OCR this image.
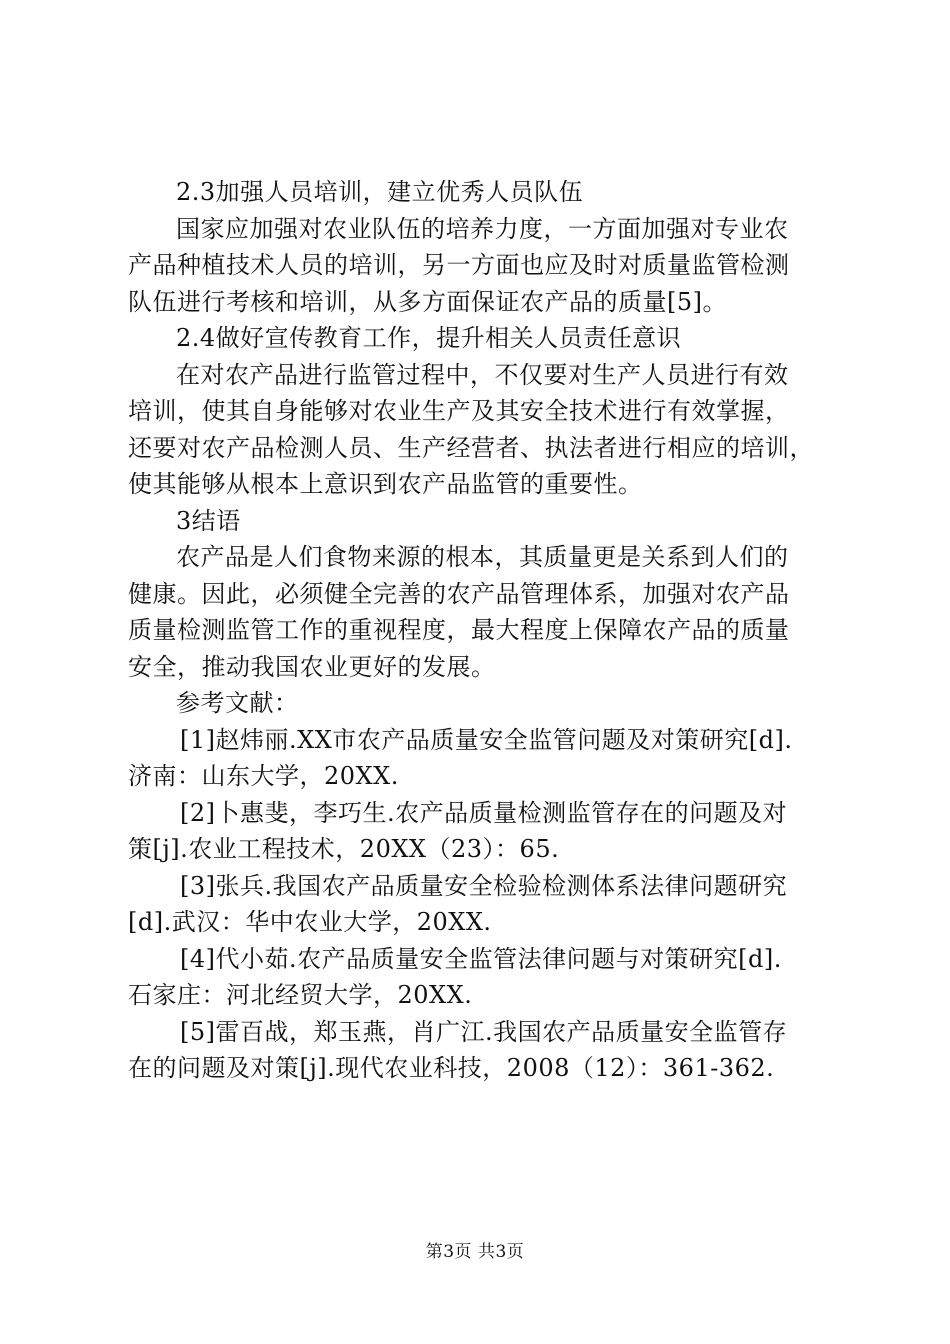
2.3加强人员培训，建立优秀人员队伍
国家应加强对农业队伍的培养力度，一方面加强对专业农
产品种植技术人员的培训，另一方面也应及时对质量监管检测
队伍进行考核和培训，从多方面保证农产品的质量[5]。
2.4做好宣传教育工作，提升相关人员责任意识
在对农产品进行监管过程中，不仅要对生产人员进行有效
培训，使其自身能够对农业生产及其安全技术进行有效掌握，
还要对农产品检测人员、生产经营者、执法者进行相应的培训，
使其能够从根本上意识到农产品监管的重要性。
3结语
农产品是人们食物来源的根本，其质量更是关系到人们的
健康。因此，必须健全完善的农产品管理体系，加强对农产品
质量检测监管工作的重视程度，最大程度上保障农产品的质量
安全，推动我国农业更好的发展。
参考文献：
[1]赵炜丽.XX市农产品质量安全监管问题及对策研究[d].
济南：山东大学，20XX.
[2]卜惠斐，李巧生.农产品质量检测监管存在的问题及对
策[j].农业工程技术，20XX（23）：65.
[3]张兵.我国农产品质量安全检验检测体系法律问题研究
[d].武汉：华中农业大学，20XX.
[4]代小茹.农产品质量安全监管法律问题与对策研究[d].
石家庄：河北经贸大学，20XX.
[5]雷百战，郑玉燕，肖广江.我国农产品质量安全监管存
在的问题及对策[j].现代农业科技，2008（12）：361-362.
第3页 共3页
